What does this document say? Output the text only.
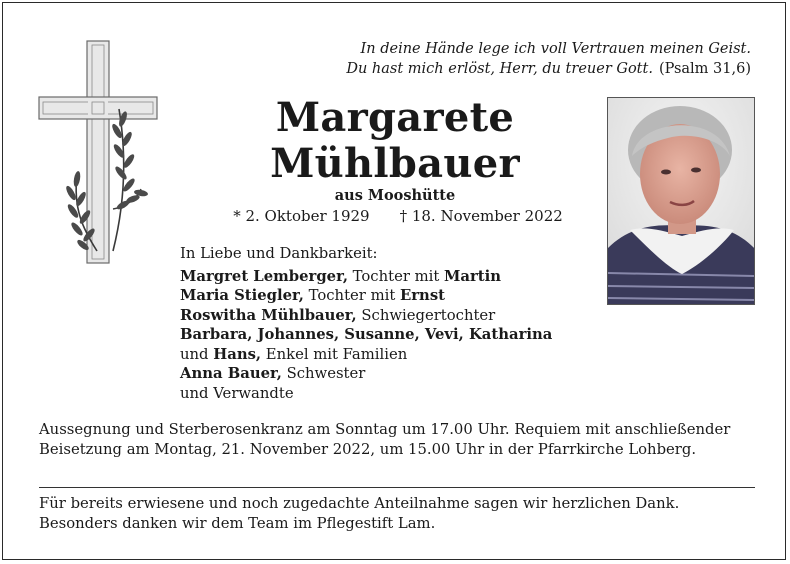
In deine Hände lege ich voll Vertrauen meinen Geist.
Du hast mich erlöst, Herr, du treuer Gott. (Psalm 31,6)
Margarete
Mühlbauer
aus Mooshütte
* 2. Oktober 1929 † 18. November 2022
In Liebe und Dankbarkeit:
Margret Lemberger, Tochter mit Martin
Maria Stiegler, Tochter mit Ernst
Roswitha Mühlbauer, Schwiegertochter
Barbara, Johannes, Susanne, Vevi, Katharina
und Hans, Enkel mit Familien
Anna Bauer, Schwester
und Verwandte
Aussegnung und Sterberosenkranz am Sonntag um 17.00 Uhr. Requiem mit anschließender Beisetzung am Montag, 21. November 2022, um 15.00 Uhr in der Pfarrkirche Lohberg.
Für bereits erwiesene und noch zugedachte Anteilnahme sagen wir herzlichen Dank. Besonders danken wir dem Team im Pflegestift Lam.
